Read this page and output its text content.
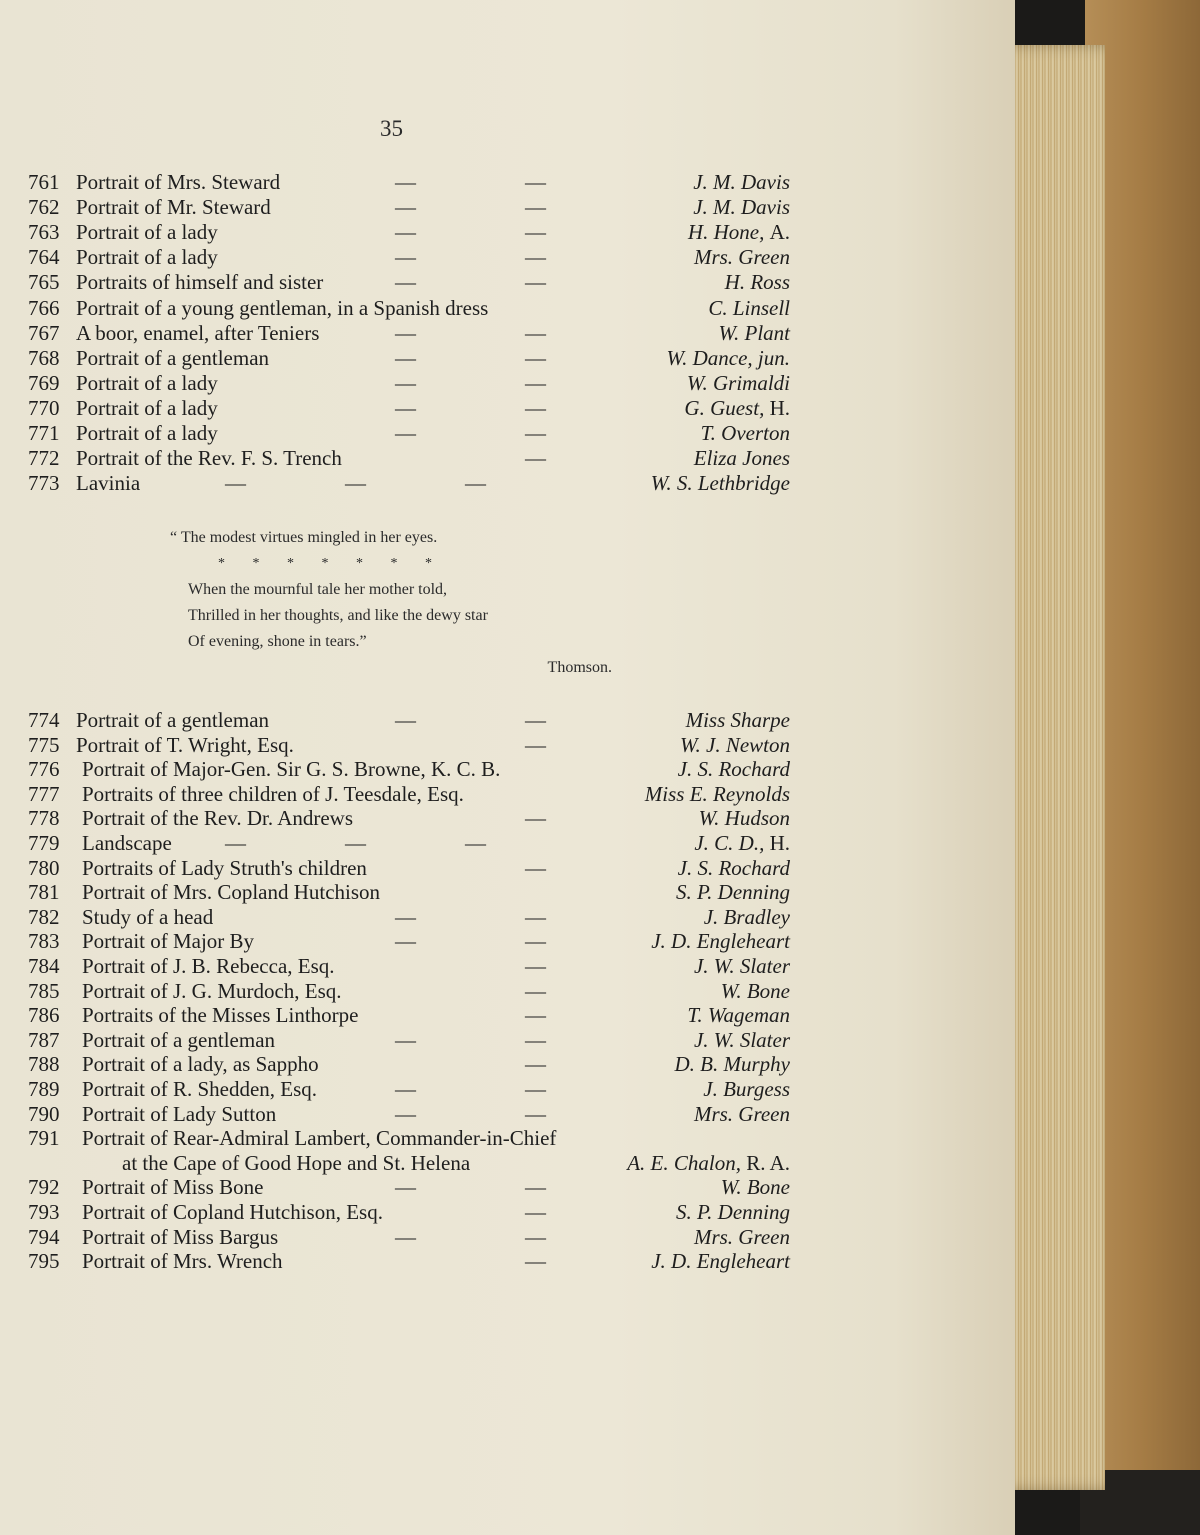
35
761 Portrait of Mrs. Steward	—	—	J. M. Davis
762 Portrait of Mr. Steward	—	—	J. M. Davis
763 Portrait of a lady	—	—	H. Hone, A.
764 Portrait of a lady	—	—	Mrs. Green
765 Portraits of himself and sister	—	—	H. Ross
766 Portrait of a young gentleman, in a Spanish dress	C. Linsell
767 A boor, enamel, after Teniers	—	—	W. Plant
768 Portrait of a gentleman	—	—	W. Dance, jun.
769 Portrait of a lady	—	—	W. Grimaldi
770 Portrait of a lady	—	—	G. Guest, H.
771 Portrait of a lady	—	—	T. Overton
772 Portrait of the Rev. F. S. Trench	—	Eliza Jones
773 Lavinia	—	—	—	W. S. Lethbridge
“ The modest virtues mingled in her eyes.
* * * * * * *
When the mournful tale her mother told,
Thrilled in her thoughts, and like the dewy star
Of evening, shone in tears.”
Thomson.
774 Portrait of a gentleman	—	—	Miss Sharpe
775 Portrait of T. Wright, Esq.	—	W. J. Newton
776 Portrait of Major-Gen. Sir G. S. Browne, K. C. B.	J. S. Rochard
777 Portraits of three children of J. Teesdale, Esq.	Miss E. Reynolds
778 Portrait of the Rev. Dr. Andrews	—	W. Hudson
779 Landscape	—	—	—	J. C. D., H.
780 Portraits of Lady Struth's children	—	J. S. Rochard
781 Portrait of Mrs. Copland Hutchison	S. P. Denning
782 Study of a head	—	—	J. Bradley
783 Portrait of Major By	—	—	J. D. Engleheart
784 Portrait of J. B. Rebecca, Esq.	—	J. W. Slater
785 Portrait of J. G. Murdoch, Esq.	—	W. Bone
786 Portraits of the Misses Linthorpe	—	T. Wageman
787 Portrait of a gentleman	—	—	J. W. Slater
788 Portrait of a lady, as Sappho	—	D. B. Murphy
789 Portrait of R. Shedden, Esq.	—	—	J. Burgess
790 Portrait of Lady Sutton	—	—	Mrs. Green
791 Portrait of Rear-Admiral Lambert, Commander-in-Chief
at the Cape of Good Hope and St. Helena	A. E. Chalon, R. A.
792 Portrait of Miss Bone	—	—	W. Bone
793 Portrait of Copland Hutchison, Esq.	—	S. P. Denning
794 Portrait of Miss Bargus	—	—	Mrs. Green
795 Portrait of Mrs. Wrench	—	J. D. Engleheart
